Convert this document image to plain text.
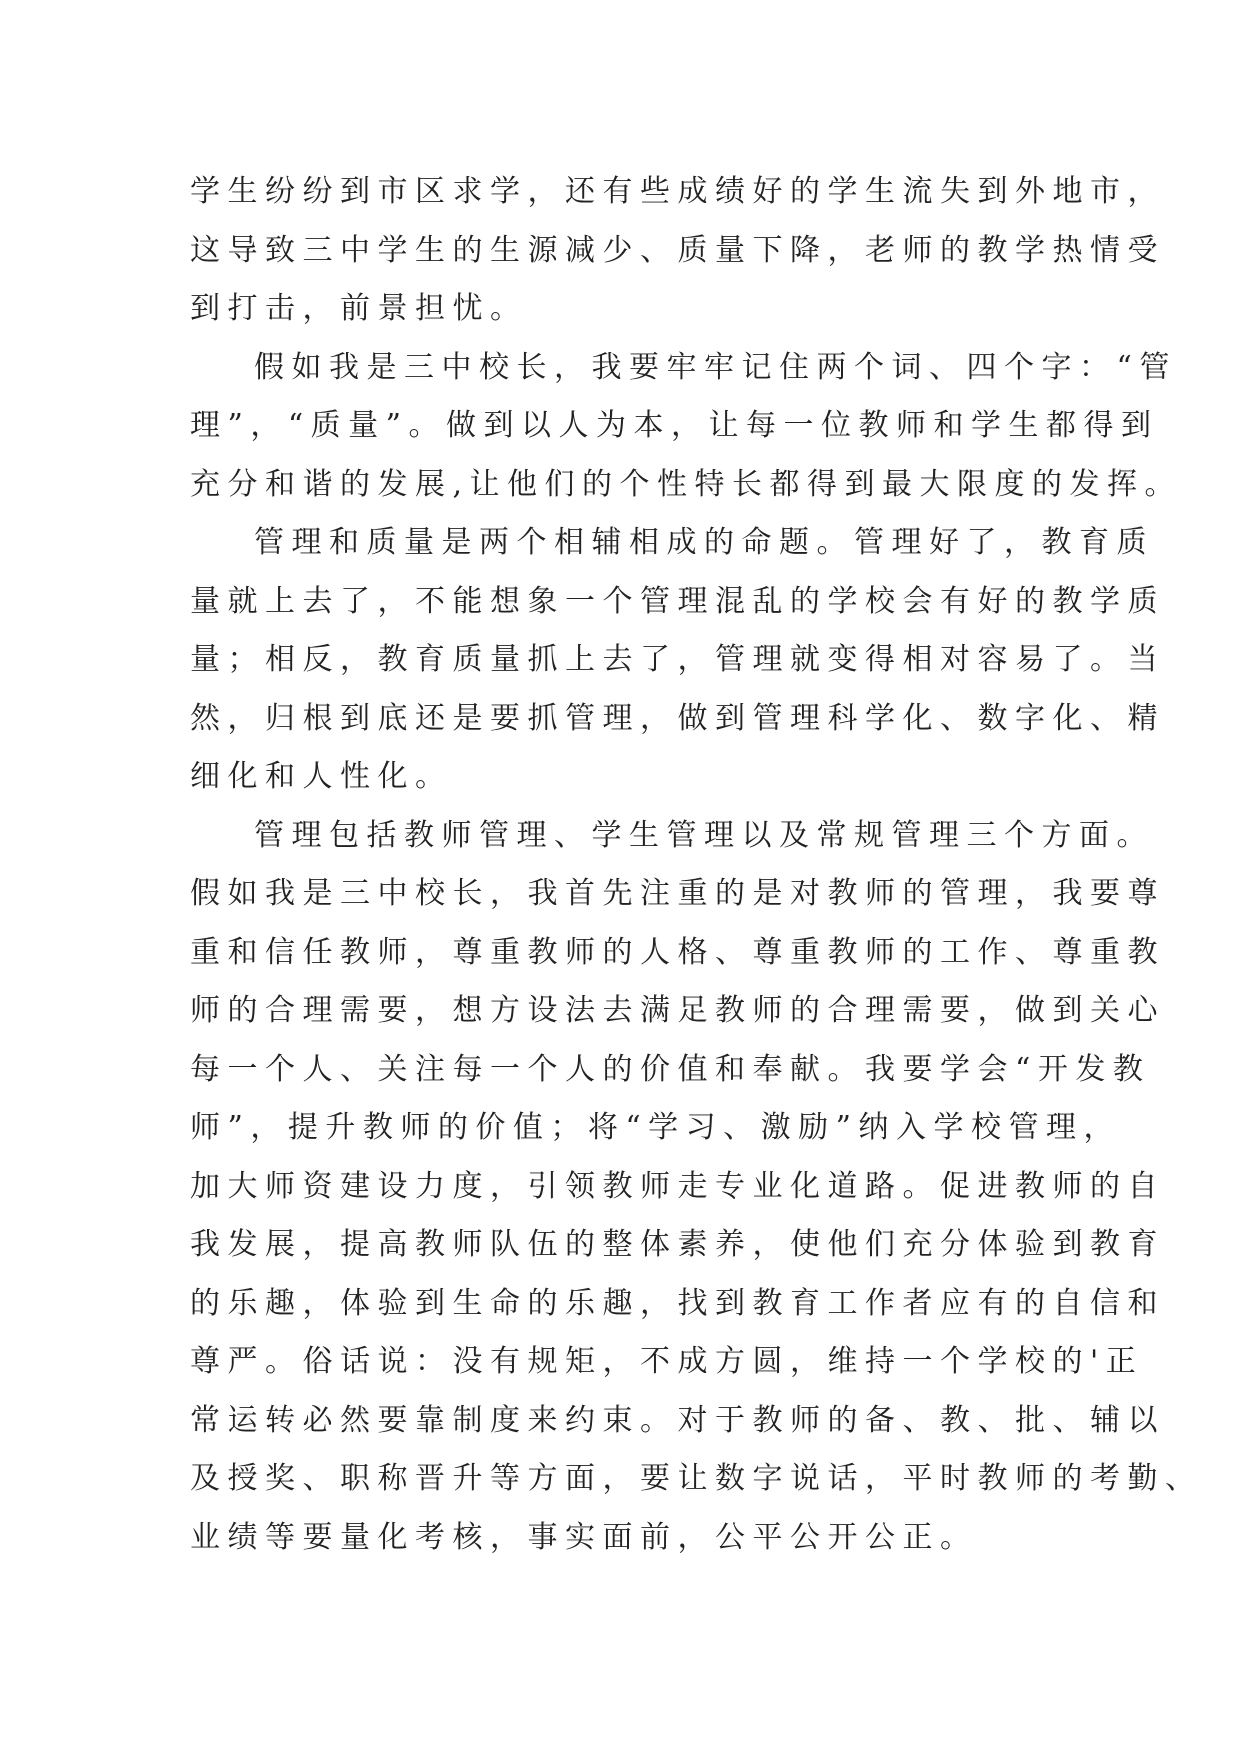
学生纷纷到市区求学，还有些成绩好的学生流失到外地市，
这导致三中学生的生源减少、质量下降，老师的教学热情受
到打击，前景担忧。
假如我是三中校长，我要牢牢记住两个词、四个字：“管
理”，“质量”。做到以人为本，让每一位教师和学生都得到
充分和谐的发展,让他们的个性特长都得到最大限度的发挥。
管理和质量是两个相辅相成的命题。管理好了，教育质
量就上去了，不能想象一个管理混乱的学校会有好的教学质
量；相反，教育质量抓上去了，管理就变得相对容易了。当
然，归根到底还是要抓管理，做到管理科学化、数字化、精
细化和人性化。
管理包括教师管理、学生管理以及常规管理三个方面。
假如我是三中校长，我首先注重的是对教师的管理，我要尊
重和信任教师，尊重教师的人格、尊重教师的工作、尊重教
师的合理需要，想方设法去满足教师的合理需要，做到关心
每一个人、关注每一个人的价值和奉献。我要学会“开发教
师”，提升教师的价值；将“学习、激励”纳入学校管理，
加大师资建设力度，引领教师走专业化道路。促进教师的自
我发展，提高教师队伍的整体素养，使他们充分体验到教育
的乐趣，体验到生命的乐趣，找到教育工作者应有的自信和
尊严。俗话说：没有规矩，不成方圆，维持一个学校的'正
常运转必然要靠制度来约束。对于教师的备、教、批、辅以
及授奖、职称晋升等方面，要让数字说话，平时教师的考勤、
业绩等要量化考核，事实面前，公平公开公正。
